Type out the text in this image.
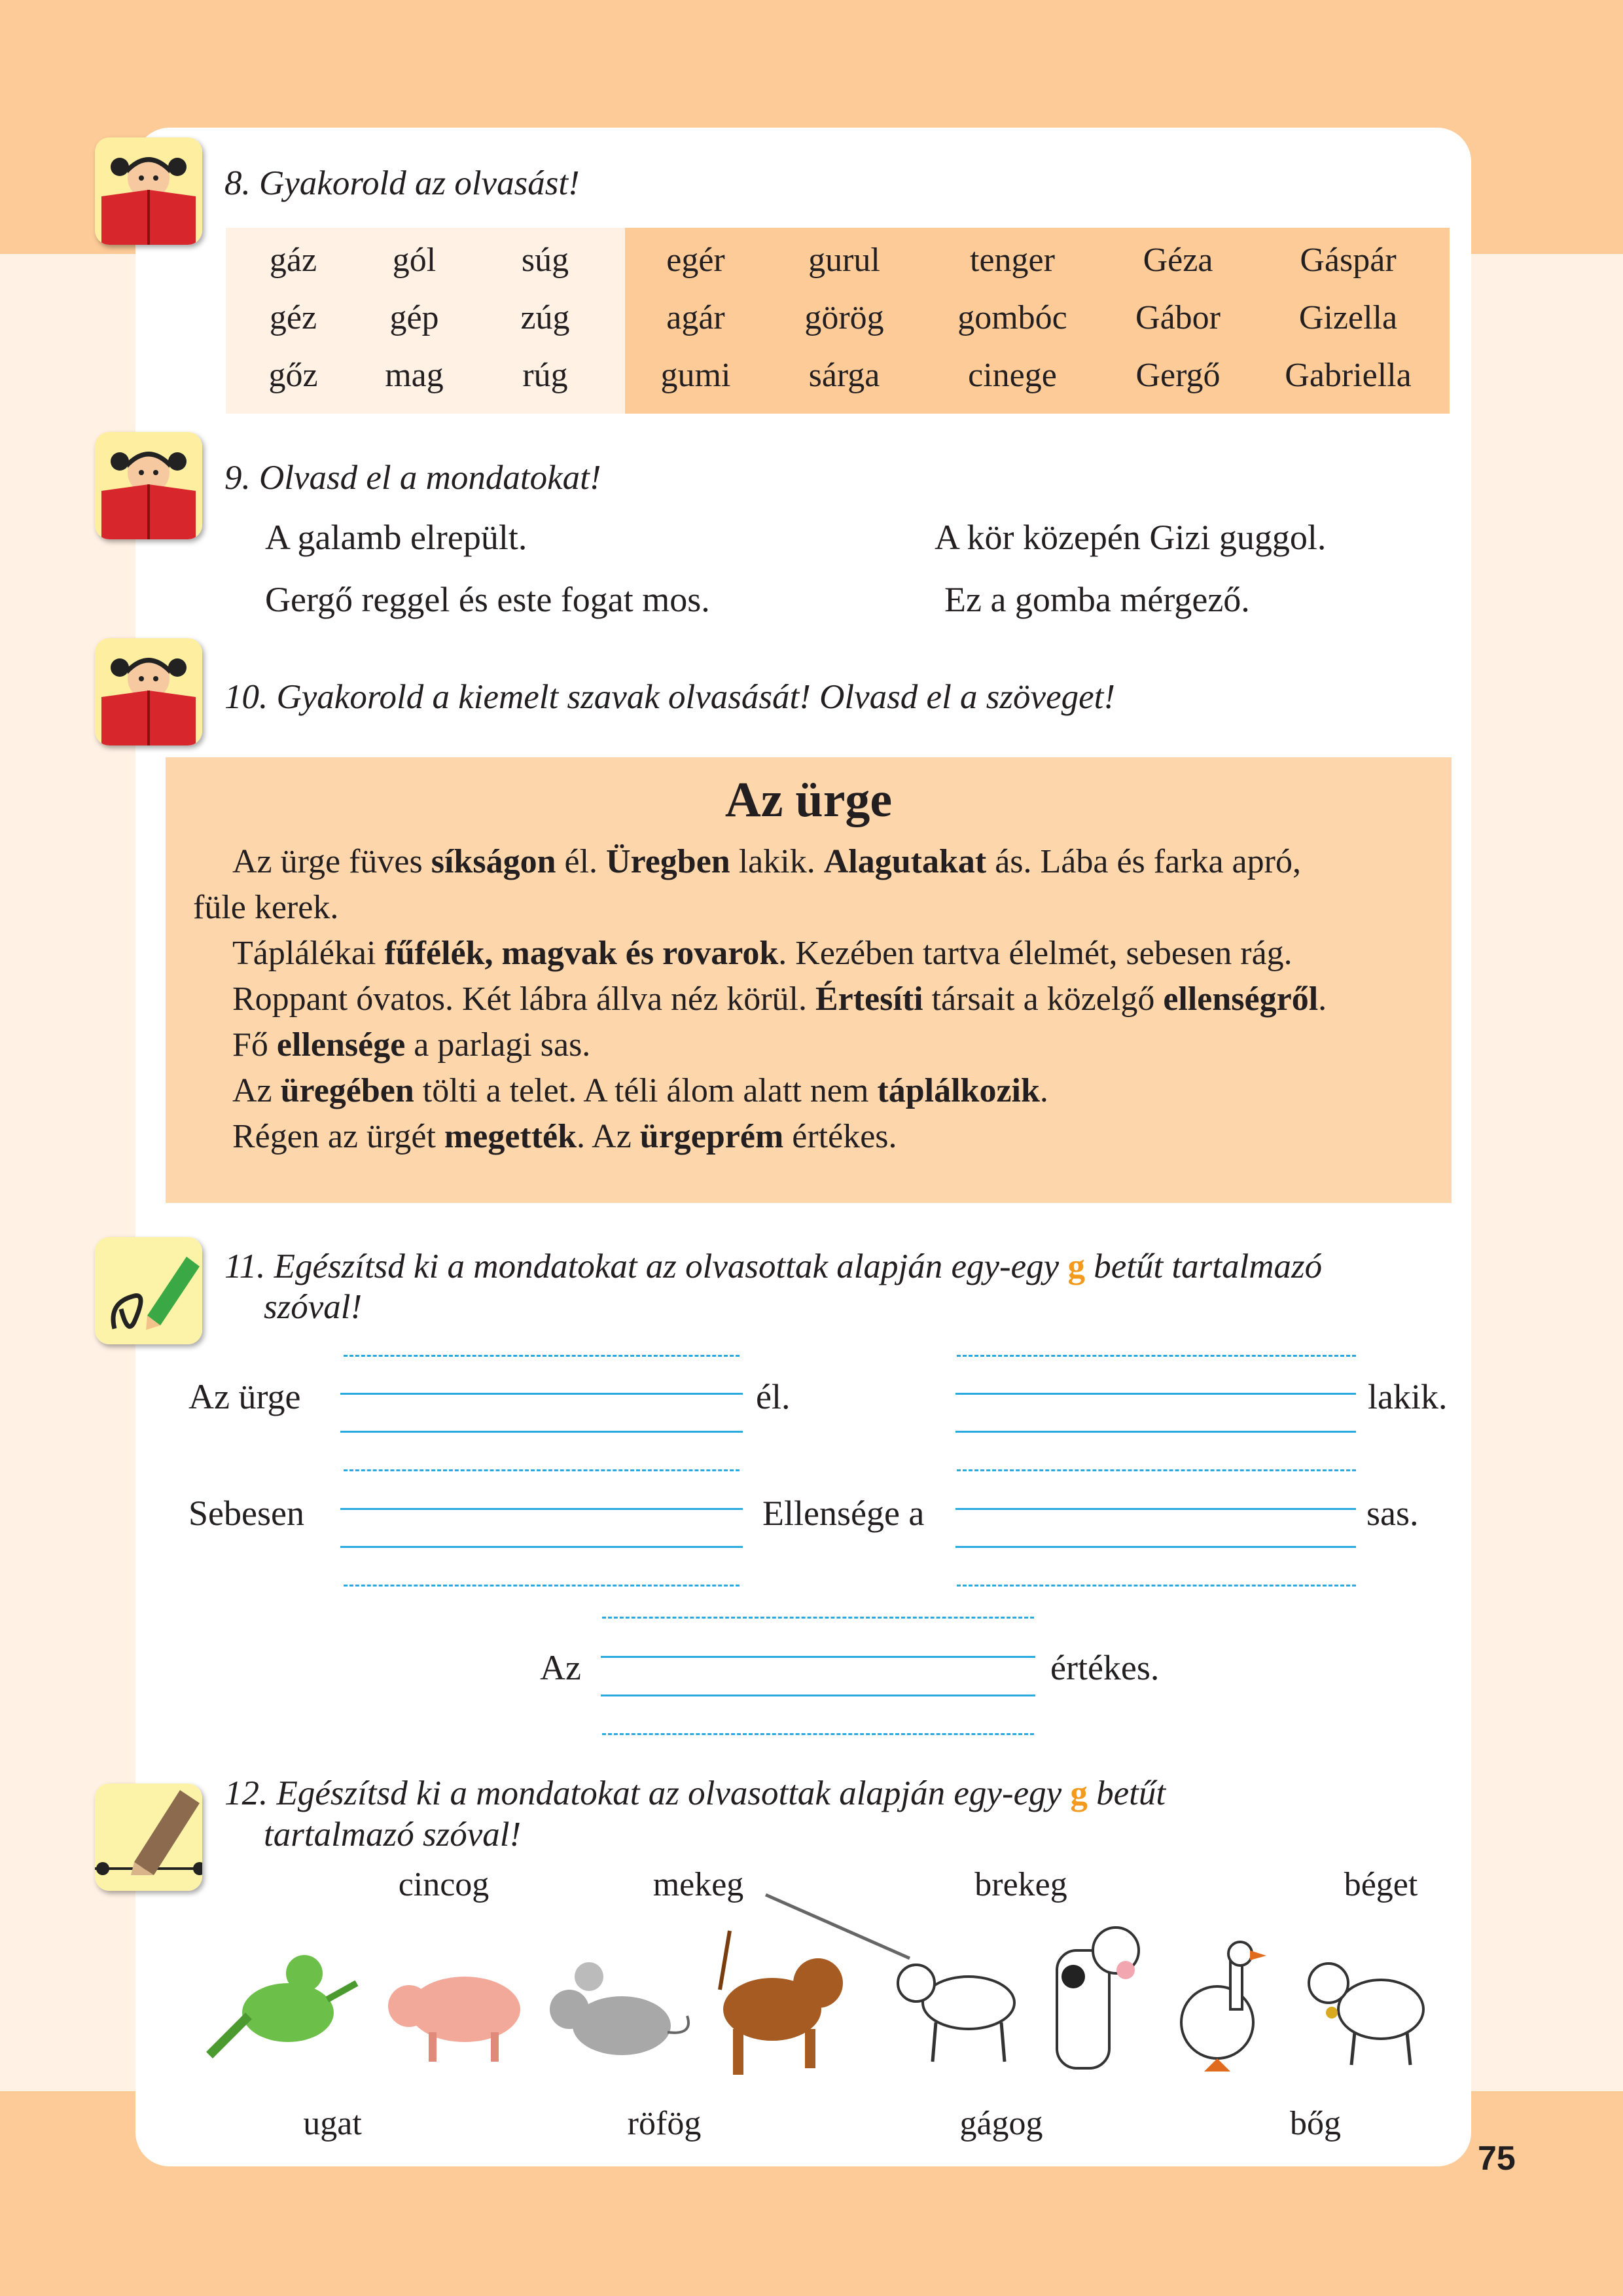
8. Gyakorold az olvasást!
gáz gól	súg	egér gurul	tenger	Géza	Gáspár
géz gép zúg	agár görög gombóc Gábor Gizella
gőz mag rúg	gumi sárga	cinege Gergő Gabriella
9. Olvasd el a mondatokat!
A galamb elrepült.	A kör közepén Gizi guggol.
Gergő reggel és este fogat mos.	Ez a gomba mérgező.
10. Gyakorold a kiemelt szavak olvasását! Olvasd el a szöveget!
Az ürge
Az ürge füves síkságon él. Üregben lakik. Alagutakat ás. Lába és farka apró,
füle kerek.
Táplálékai fűfélék, magvak és rovarok. Kezében tartva élelmét, sebesen rág.
Roppant óvatos. Két lábra állva néz körül. Értesíti társait a közelgő ellenségről.
Fő ellensége a parlagi sas.
Az üregében tölti a telet. A téli álom alatt nem táplálkozik.
Régen az ürgét megették. Az ürgeprém értékes.
11. Egészítsd ki a mondatokat az olvasottak alapján egy-egy g betűt tartalmazó
szóval!
Az ürge	él.	lakik.
Sebesen	Ellensége a	sas.
Az	értékes.
12. Egészítsd ki a mondatokat az olvasottak alapján egy-egy g betűt
tartalmazó szóval!
cincog	mekeg	brekeg	béget
ugat	röfög	gágog	bőg
75
